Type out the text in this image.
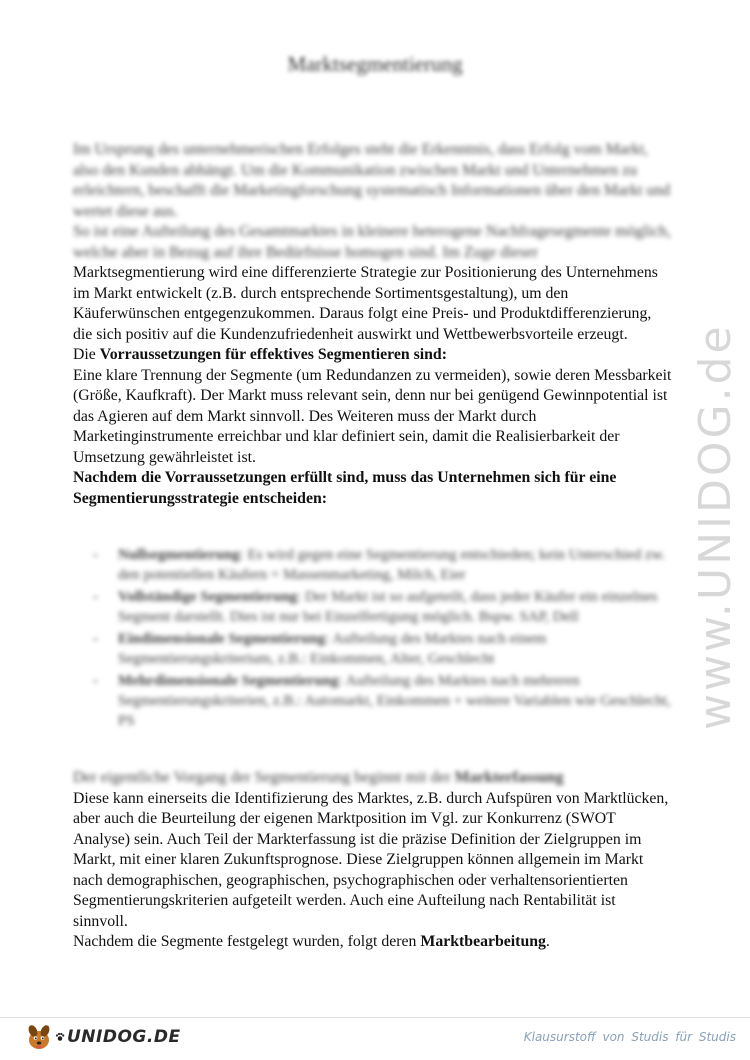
Marktsegmentierung
www.UNIDOG.de

Im Ursprung des unternehmerischen Erfolges steht die Erkenntnis, dass Erfolg vom Markt, also den Kunden abhängt. Um die Kommunikation zwischen Markt und Unternehmen zu erleichtern, beschafft die Marketingforschung systematisch Informationen über den Markt und wertet diese aus.

So ist eine Aufteilung des Gesamtmarktes in kleinere heterogene Nachfragesegmente möglich, welche aber in Bezug auf ihre Bedürfnisse homogen sind. Im Zuge dieser

Marktsegmentierung wird eine differenzierte Strategie zur Positionierung des Unternehmens im Markt entwickelt (z.B. durch entsprechende Sortimentsgestaltung), um den Käuferwünschen entgegenzukommen. Daraus folgt eine Preis- und Produktdifferenzierung, die sich positiv auf die Kundenzufriedenheit auswirkt und Wettbewerbsvorteile erzeugt.

Die Vorraussetzungen für effektives Segmentieren sind:

Eine klare Trennung der Segmente (um Redundanzen zu vermeiden), sowie deren Messbarkeit (Größe, Kaufkraft). Der Markt muss relevant sein, denn nur bei genügend Gewinnpotential ist das Agieren auf dem Markt sinnvoll. Des Weiteren muss der Markt durch Marketinginstrumente erreichbar und klar definiert sein, damit die Realisierbarkeit der Umsetzung gewährleistet ist.

Nachdem die Vorraussetzungen erfüllt sind, muss das Unternehmen sich für eine Segmentierungsstrategie entscheiden:

- Nullsegmentierung: Es wird gegen eine Segmentierung entschieden; kein Unterschied zw. den potentiellen Käufern = Massenmarketing, Milch, Eier
- Vollständige Segmentierung: Der Markt ist so aufgeteilt, dass jeder Käufer ein einzelnes Segment darstellt. Dies ist nur bei Einzelfertigung möglich. Bspw. SAP, Dell
- Eindimensionale Segmentierung: Aufteilung des Marktes nach einem Segmentierungskriterium, z.B.: Einkommen, Alter, Geschlecht
- Mehrdimensionale Segmentierung: Aufteilung des Marktes nach mehreren Segmentierungskriterien, z.B.: Automarkt, Einkommen + weitere Variablen wie Geschlecht, PS

Der eigentliche Vorgang der Segmentierung beginnt mit der Markterfassung

Diese kann einerseits die Identifizierung des Marktes, z.B. durch Aufspüren von Marktlücken, aber auch die Beurteilung der eigenen Marktposition im Vgl. zur Konkurrenz (SWOT Analyse) sein. Auch Teil der Markterfassung ist die präzise Definition der Zielgruppen im Markt, mit einer klaren Zukunftsprognose. Diese Zielgruppen können allgemein im Markt nach demographischen, geographischen, psychographischen oder verhaltensorientierten Segmentierungskriterien aufgeteilt werden. Auch eine Aufteilung nach Rentabilität ist sinnvoll.

Nachdem die Segmente festgelegt wurden, folgt deren Marktbearbeitung.

UNIDOG.DE	Klausurstoff von Studis für Studis
